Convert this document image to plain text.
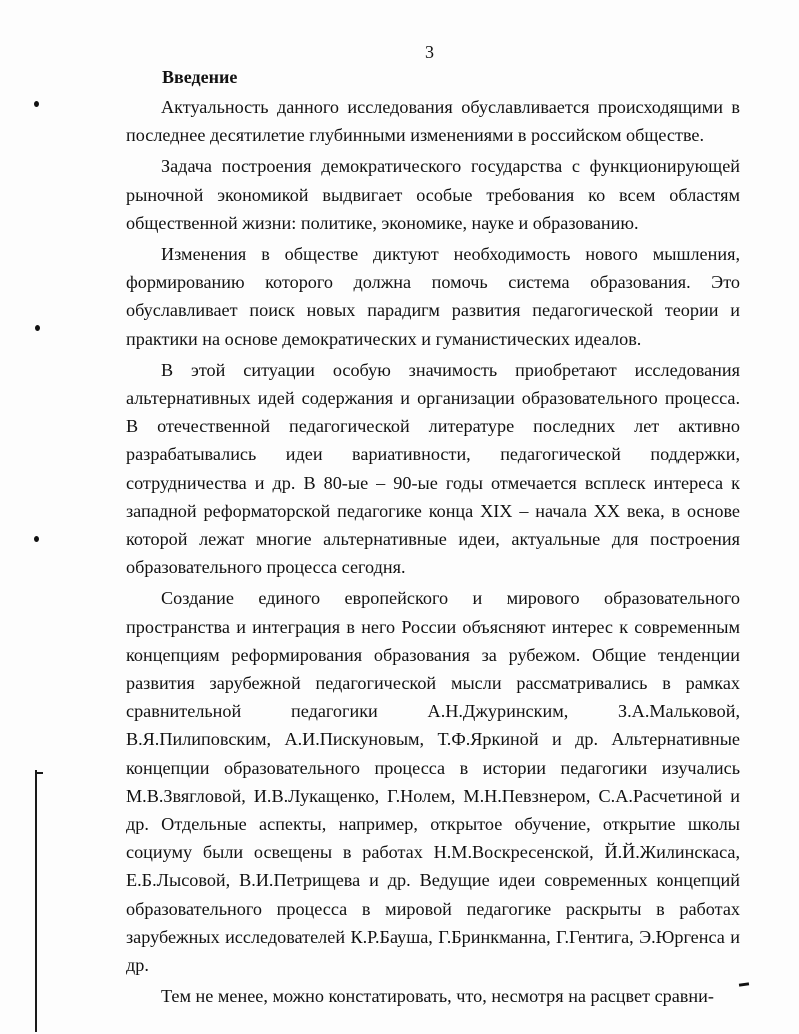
3
Введение

Актуальность данного исследования обуславливается происходящими в последнее десятилетие глубинными изменениями в российском обществе.

Задача построения демократического государства с функционирующей рыночной экономикой выдвигает особые требования ко всем областям общественной жизни: политике, экономике, науке и образованию.

Изменения в обществе диктуют необходимость нового мышления, формированию которого должна помочь система образования. Это обуславливает поиск новых парадигм развития педагогической теории и практики на основе демократических и гуманистических идеалов.

В этой ситуации особую значимость приобретают исследования альтернативных идей содержания и организации образовательного процесса. В отечественной педагогической литературе последних лет активно разрабатывались идеи вариативности, педагогической поддержки, сотрудничества и др. В 80-ые – 90-ые годы отмечается всплеск интереса к западной реформаторской педагогике конца XIX – начала XX века, в основе которой лежат многие альтернативные идеи, актуальные для построения образовательного процесса сегодня.

Создание единого европейского и мирового образовательного пространства и интеграция в него России объясняют интерес к современным концепциям реформирования образования за рубежом. Общие тенденции развития зарубежной педагогической мысли рассматривались в рамках сравнительной педагогики А.Н.Джуринским, З.А.Мальковой, В.Я.Пилиповским, А.И.Пискуновым, Т.Ф.Яркиной и др. Альтернативные концепции образовательного процесса в истории педагогики изучались М.В.Звягловой, И.В.Лукащенко, Г.Нолем, М.Н.Певзнером, С.А.Расчетиной и др. Отдельные аспекты, например, открытое обучение, открытие школы социуму были освещены в работах Н.М.Воскресенской, Й.Й.Жилинскаса, Е.Б.Лысовой, В.И.Петрищева и др. Ведущие идеи современных концепций образовательного процесса в мировой педагогике раскрыты в работах зарубежных исследователей К.Р.Бауша, Г.Бринкманна, Г.Гентига, Э.Юргенса и др.

Тем не менее, можно констатировать, что, несмотря на расцвет сравни-
